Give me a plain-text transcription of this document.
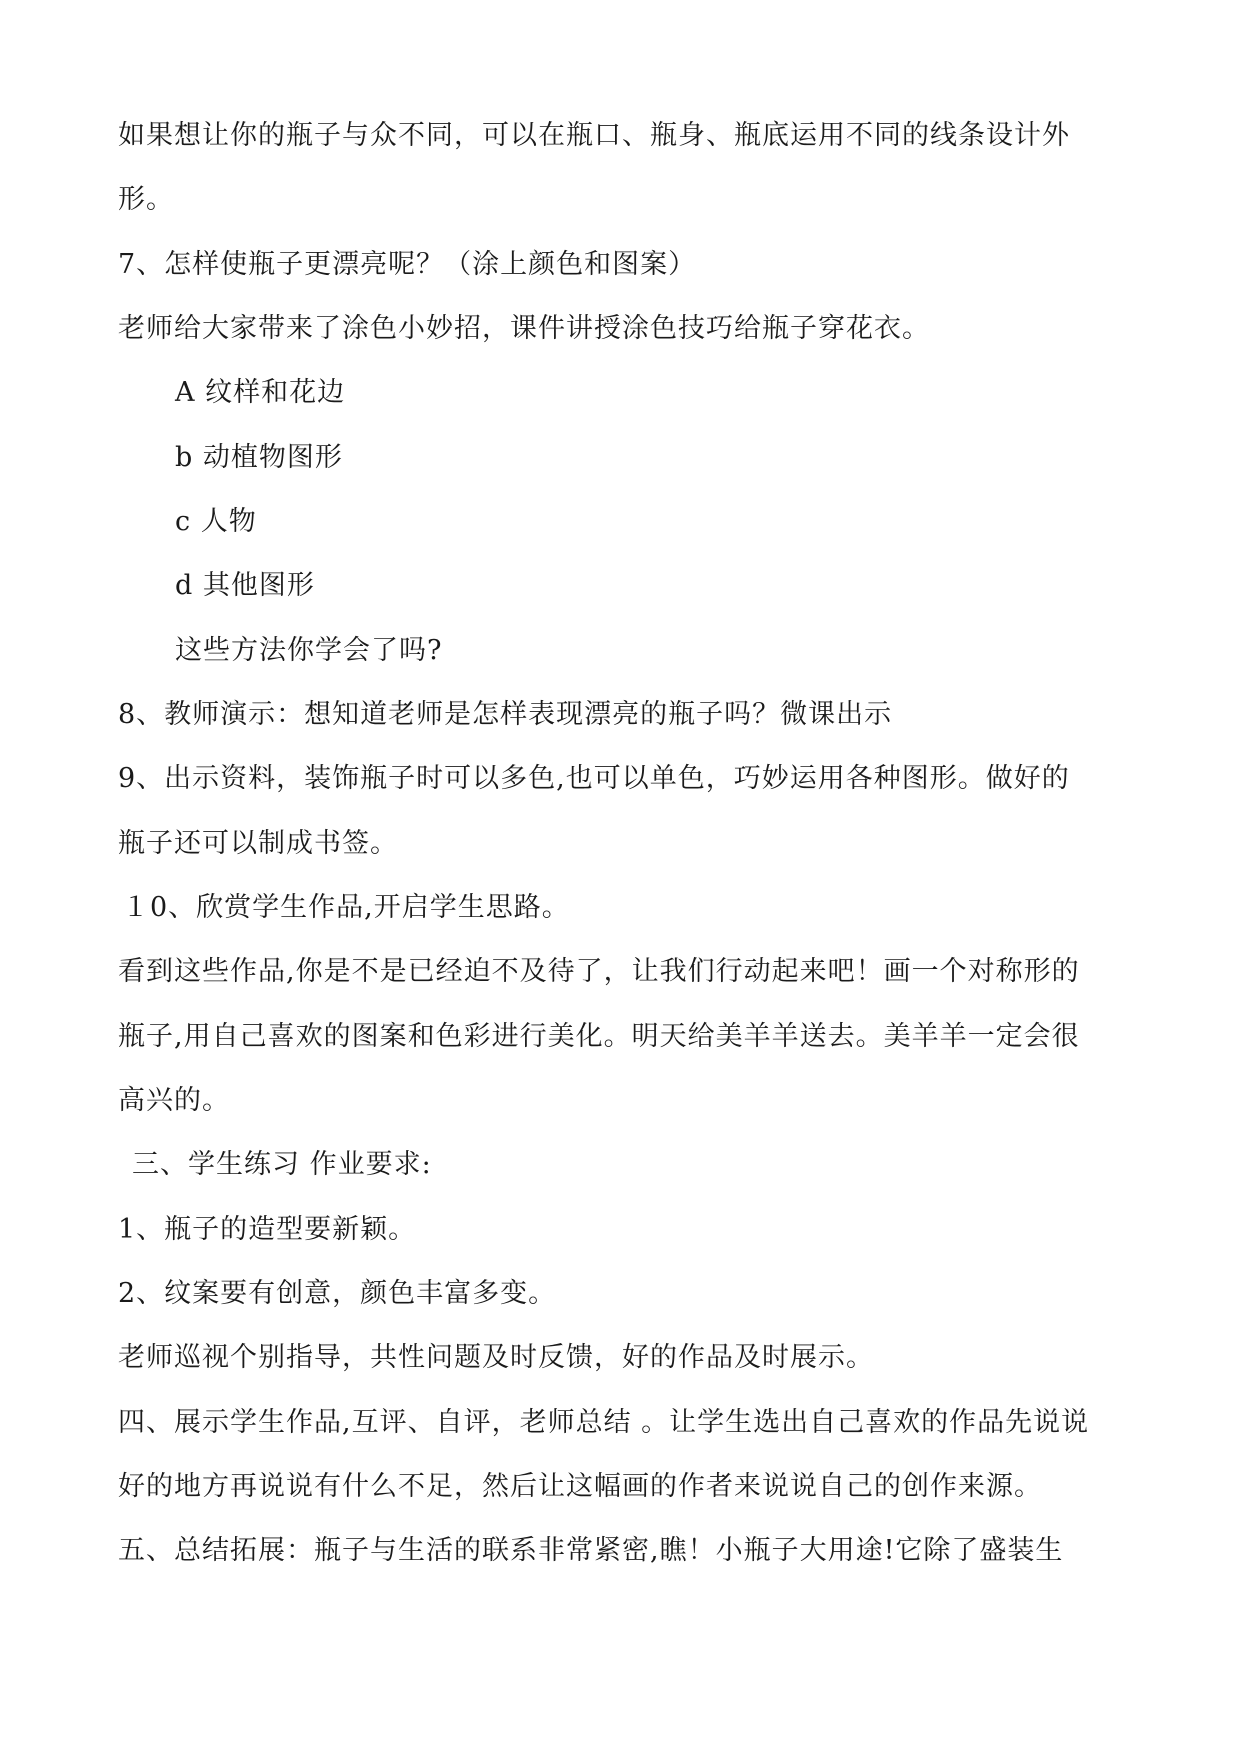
如果想让你的瓶子与众不同，可以在瓶口、瓶身、瓶底运用不同的线条设计外
形。
7、怎样使瓶子更漂亮呢？（涂上颜色和图案）
老师给大家带来了涂色小妙招，课件讲授涂色技巧给瓶子穿花衣。
A 纹样和花边
b 动植物图形
c 人物
d 其他图形
这些方法你学会了吗?
8、教师演示：想知道老师是怎样表现漂亮的瓶子吗？微课出示
9、出示资料，装饰瓶子时可以多色,也可以单色，巧妙运用各种图形。做好的
瓶子还可以制成书签。
１0、欣赏学生作品,开启学生思路。
看到这些作品,你是不是已经迫不及待了，让我们行动起来吧！画一个对称形的
瓶子,用自己喜欢的图案和色彩进行美化。明天给美羊羊送去。美羊羊一定会很
高兴的。
三、学生练习 作业要求:
1、瓶子的造型要新颖。
2、纹案要有创意，颜色丰富多变。
老师巡视个别指导，共性问题及时反馈，好的作品及时展示。
四、展示学生作品,互评、自评，老师总结 。让学生选出自己喜欢的作品先说说
好的地方再说说有什么不足，然后让这幅画的作者来说说自己的创作来源。
五、总结拓展：瓶子与生活的联系非常紧密,瞧！小瓶子大用途!它除了盛装生
